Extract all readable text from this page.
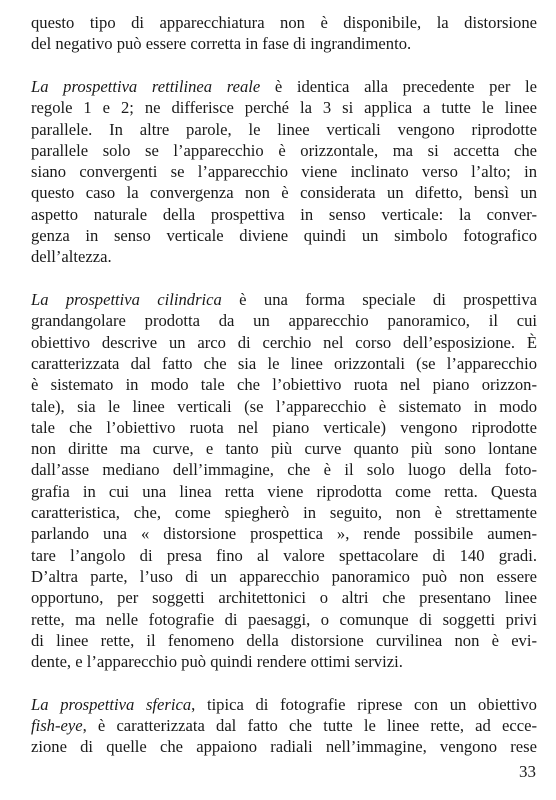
questo tipo di apparecchiatura non è disponibile, la distorsione
del negativo può essere corretta in fase di ingrandimento.
La prospettiva rettilinea reale è identica alla precedente per le
regole 1 e 2; ne differisce perché la 3 si applica a tutte le linee
parallele. In altre parole, le linee verticali vengono riprodotte
parallele solo se l’apparecchio è orizzontale, ma si accetta che
siano convergenti se l’apparecchio viene inclinato verso l’alto; in
questo caso la convergenza non è considerata un difetto, bensì un
aspetto naturale della prospettiva in senso verticale: la conver-
genza in senso verticale diviene quindi un simbolo fotografico
dell’altezza.
La prospettiva cilindrica è una forma speciale di prospettiva
grandangolare prodotta da un apparecchio panoramico, il cui
obiettivo descrive un arco di cerchio nel corso dell’esposizione. È
caratterizzata dal fatto che sia le linee orizzontali (se l’apparecchio
è sistemato in modo tale che l’obiettivo ruota nel piano orizzon-
tale), sia le linee verticali (se l’apparecchio è sistemato in modo
tale che l’obiettivo ruota nel piano verticale) vengono riprodotte
non diritte ma curve, e tanto più curve quanto più sono lontane
dall’asse mediano dell’immagine, che è il solo luogo della foto-
grafia in cui una linea retta viene riprodotta come retta. Questa
caratteristica, che, come spiegherò in seguito, non è strettamente
parlando una « distorsione prospettica », rende possibile aumen-
tare l’angolo di presa fino al valore spettacolare di 140 gradi.
D’altra parte, l’uso di un apparecchio panoramico può non essere
opportuno, per soggetti architettonici o altri che presentano linee
rette, ma nelle fotografie di paesaggi, o comunque di soggetti privi
di linee rette, il fenomeno della distorsione curvilinea non è evi-
dente, e l’apparecchio può quindi rendere ottimi servizi.
La prospettiva sferica, tipica di fotografie riprese con un obiettivo
fish-eye, è caratterizzata dal fatto che tutte le linee rette, ad ecce-
zione di quelle che appaiono radiali nell’immagine, vengono rese
33
